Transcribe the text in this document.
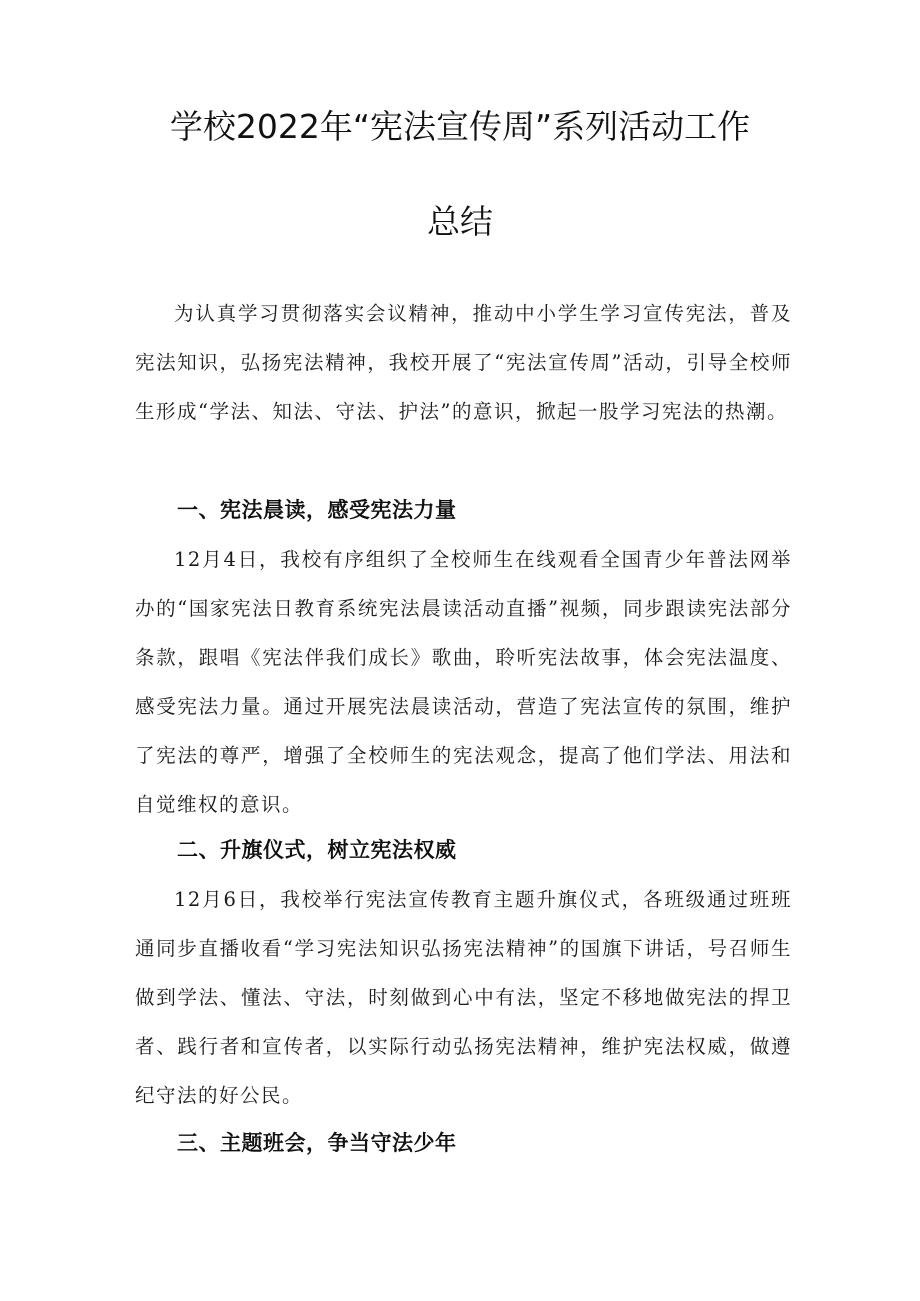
学校2022年“宪法宣传周”系列活动工作
总结

为认真学习贯彻落实会议精神，推动中小学生学习宣传宪法，普及宪法知识，弘扬宪法精神，我校开展了“宪法宣传周”活动，引导全校师生形成“学法、知法、守法、护法”的意识，掀起一股学习宪法的热潮。

一、宪法晨读，感受宪法力量

12月4日，我校有序组织了全校师生在线观看全国青少年普法网举办的“国家宪法日教育系统宪法晨读活动直播”视频，同步跟读宪法部分条款，跟唱《宪法伴我们成长》歌曲，聆听宪法故事，体会宪法温度、感受宪法力量。通过开展宪法晨读活动，营造了宪法宣传的氛围，维护了宪法的尊严，增强了全校师生的宪法观念，提高了他们学法、用法和自觉维权的意识。

二、升旗仪式，树立宪法权威

12月6日，我校举行宪法宣传教育主题升旗仪式，各班级通过班班通同步直播收看“学习宪法知识弘扬宪法精神”的国旗下讲话，号召师生做到学法、懂法、守法，时刻做到心中有法，坚定不移地做宪法的捍卫者、践行者和宣传者，以实际行动弘扬宪法精神，维护宪法权威，做遵纪守法的好公民。

三、主题班会，争当守法少年
